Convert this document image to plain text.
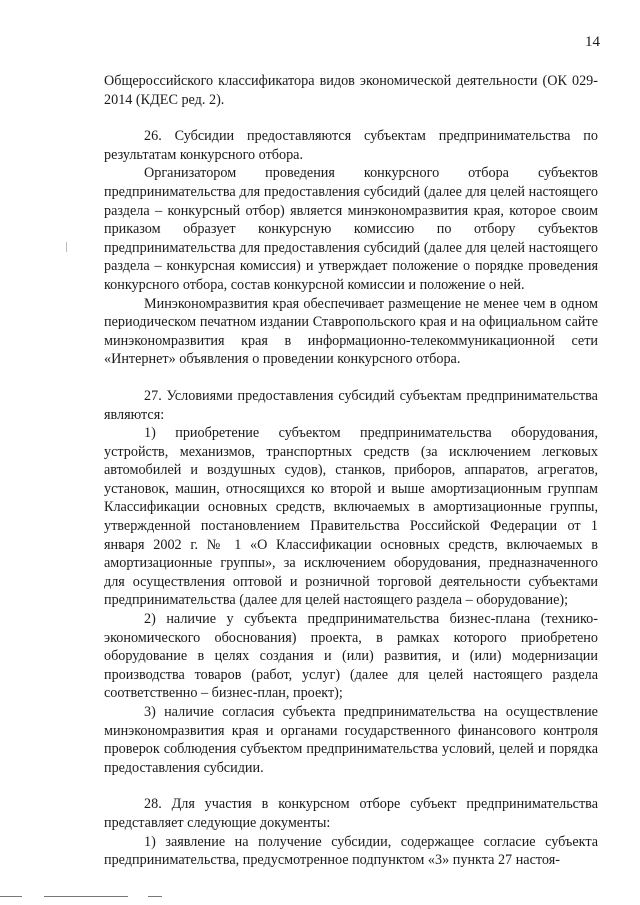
14

Общероссийского классификатора видов экономической деятельности (ОК 029-2014 (КДЕС ред. 2).

26. Субсидии предоставляются субъектам предпринимательства по результатам конкурсного отбора.

Организатором проведения конкурсного отбора субъектов предпринимательства для предоставления субсидий (далее для целей настоящего раздела – конкурсный отбор) является минэкономразвития края, которое своим приказом образует конкурсную комиссию по отбору субъектов предпринимательства для предоставления субсидий (далее для целей настоящего раздела – конкурсная комиссия) и утверждает положение о порядке проведения конкурсного отбора, состав конкурсной комиссии и положение о ней.

Минэкономразвития края обеспечивает размещение не менее чем в одном периодическом печатном издании Ставропольского края и на официальном сайте минэкономразвития края в информационно-телекоммуникационной сети «Интернет» объявления о проведении конкурсного отбора.

27. Условиями предоставления субсидий субъектам предпринимательства являются:

1) приобретение субъектом предпринимательства оборудования, устройств, механизмов, транспортных средств (за исключением легковых автомобилей и воздушных судов), станков, приборов, аппаратов, агрегатов, установок, машин, относящихся ко второй и выше амортизационным группам Классификации основных средств, включаемых в амортизационные группы, утвержденной постановлением Правительства Российской Федерации от 1 января 2002 г. № 1 «О Классификации основных средств, включаемых в амортизационные группы», за исключением оборудования, предназначенного для осуществления оптовой и розничной торговой деятельности субъектами предпринимательства (далее для целей настоящего раздела – оборудование);

2) наличие у субъекта предпринимательства бизнес-плана (технико-экономического обоснования) проекта, в рамках которого приобретено оборудование в целях создания и (или) развития, и (или) модернизации производства товаров (работ, услуг) (далее для целей настоящего раздела соответственно – бизнес-план, проект);

3) наличие согласия субъекта предпринимательства на осуществление минэкономразвития края и органами государственного финансового контроля проверок соблюдения субъектом предпринимательства условий, целей и порядка предоставления субсидии.

28. Для участия в конкурсном отборе субъект предпринимательства представляет следующие документы:

1) заявление на получение субсидии, содержащее согласие субъекта предпринимательства, предусмотренное подпунктом «3» пункта 27 настоя-
